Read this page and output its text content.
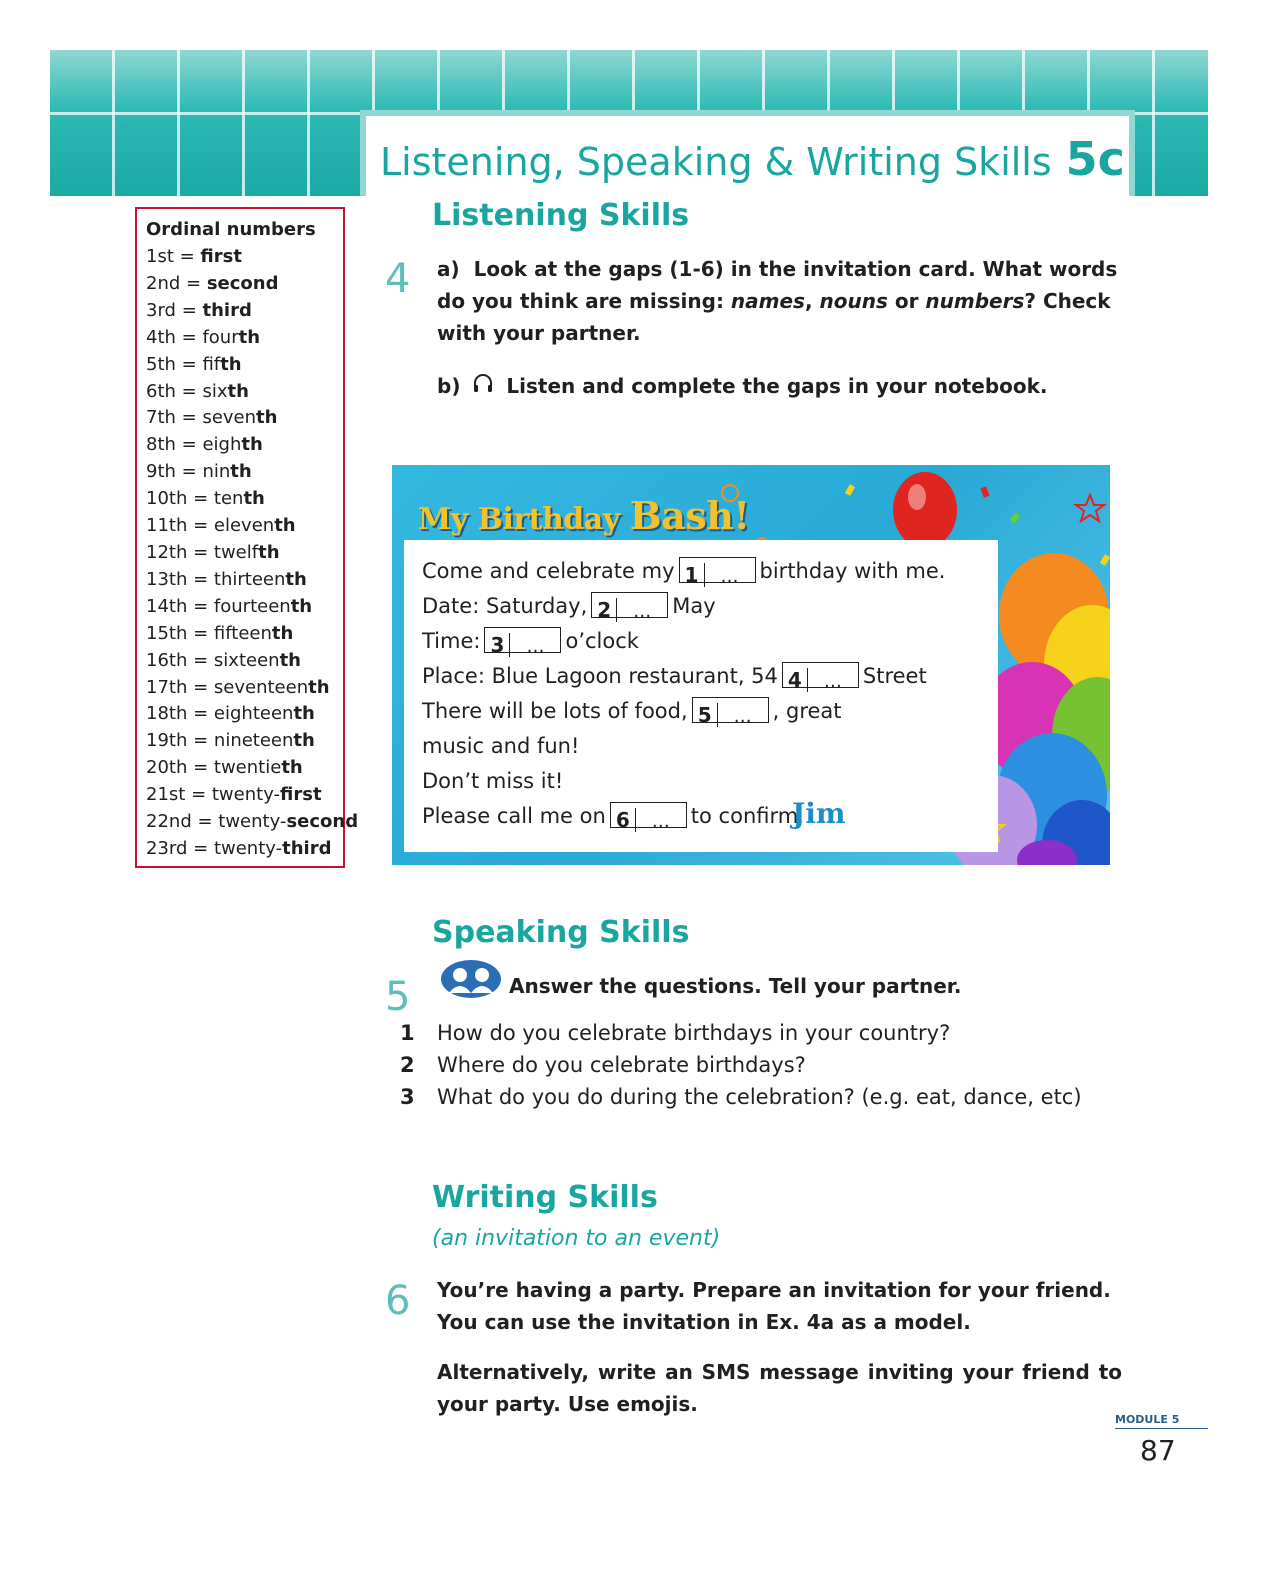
Listening, Speaking & Writing Skills 5c
Ordinal numbers
1st = first
2nd = second
3rd = third
4th = fourth
5th = fifth
6th = sixth
7th = seventh
8th = eighth
9th = ninth
10th = tenth
11th = eleventh
12th = twelfth
13th = thirteenth
14th = fourteenth
15th = fifteenth
16th = sixteenth
17th = seventeenth
18th = eighteenth
19th = nineteenth
20th = twentieth
21st = twenty-first
22nd = twenty-second
23rd = twenty-third
Listening Skills
4 a) Look at the gaps (1-6) in the invitation card. What words do you think are missing: names, nouns or numbers? Check with your partner.
b) Listen and complete the gaps in your notebook.
My Birthday Bash!
Come and celebrate my 1 … birthday with me.
Date: Saturday, 2 … May
Time: 3 … o’clock
Place: Blue Lagoon restaurant, 54 4 … Street
There will be lots of food, 5 … , great
music and fun!
Don’t miss it!
Please call me on 6 … to confirm.
Jim
Speaking Skills
5	Answer the questions. Tell your partner.
Writing Skills
(an invitation to an event)
6 You’re having a party. Prepare an invitation for your friend. You can use the invitation in Ex. 4a as a model.
Alternatively, write an SMS message inviting your friend to your party. Use emojis.
MODULE 5
87
1 How do you celebrate birthdays in your country?
2 Where do you celebrate birthdays?
3 What do you do during the celebration? (e.g. eat, dance, etc)
